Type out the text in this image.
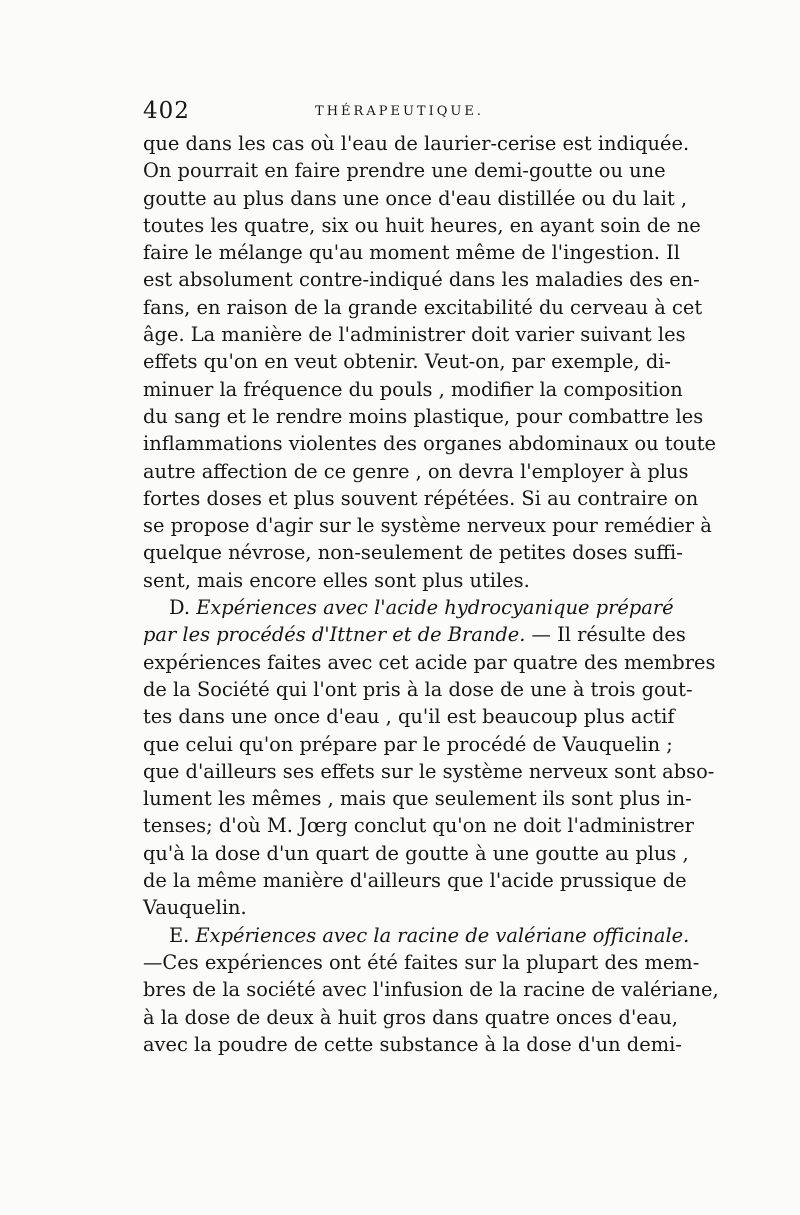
402	THÉRAPEUTIQUE.
que dans les cas où l'eau de laurier-cerise est indiquée.
On pourrait en faire prendre une demi-goutte ou une
goutte au plus dans une once d'eau distillée ou du lait ,
toutes les quatre, six ou huit heures, en ayant soin de ne
faire le mélange qu'au moment même de l'ingestion. Il
est absolument contre-indiqué dans les maladies des en-
fans, en raison de la grande excitabilité du cerveau à cet
âge. La manière de l'administrer doit varier suivant les
effets qu'on en veut obtenir. Veut-on, par exemple, di-
minuer la fréquence du pouls , modifier la composition
du sang et le rendre moins plastique, pour combattre les
inflammations violentes des organes abdominaux ou toute
autre affection de ce genre , on devra l'employer à plus
fortes doses et plus souvent répétées. Si au contraire on
se propose d'agir sur le système nerveux pour remédier à
quelque névrose, non-seulement de petites doses suffi-
sent, mais encore elles sont plus utiles.
D. Expériences avec l'acide hydrocyanique préparé
par les procédés d'Ittner et de Brande. — Il résulte des
expériences faites avec cet acide par quatre des membres
de la Société qui l'ont pris à la dose de une à trois gout-
tes dans une once d'eau , qu'il est beaucoup plus actif
que celui qu'on prépare par le procédé de Vauquelin ;
que d'ailleurs ses effets sur le système nerveux sont abso-
lument les mêmes , mais que seulement ils sont plus in-
tenses; d'où M. Jœrg conclut qu'on ne doit l'administrer
qu'à la dose d'un quart de goutte à une goutte au plus ,
de la même manière d'ailleurs que l'acide prussique de
Vauquelin.
E. Expériences avec la racine de valériane officinale.
—Ces expériences ont été faites sur la plupart des mem-
bres de la société avec l'infusion de la racine de valériane,
à la dose de deux à huit gros dans quatre onces d'eau,
avec la poudre de cette substance à la dose d'un demi-
